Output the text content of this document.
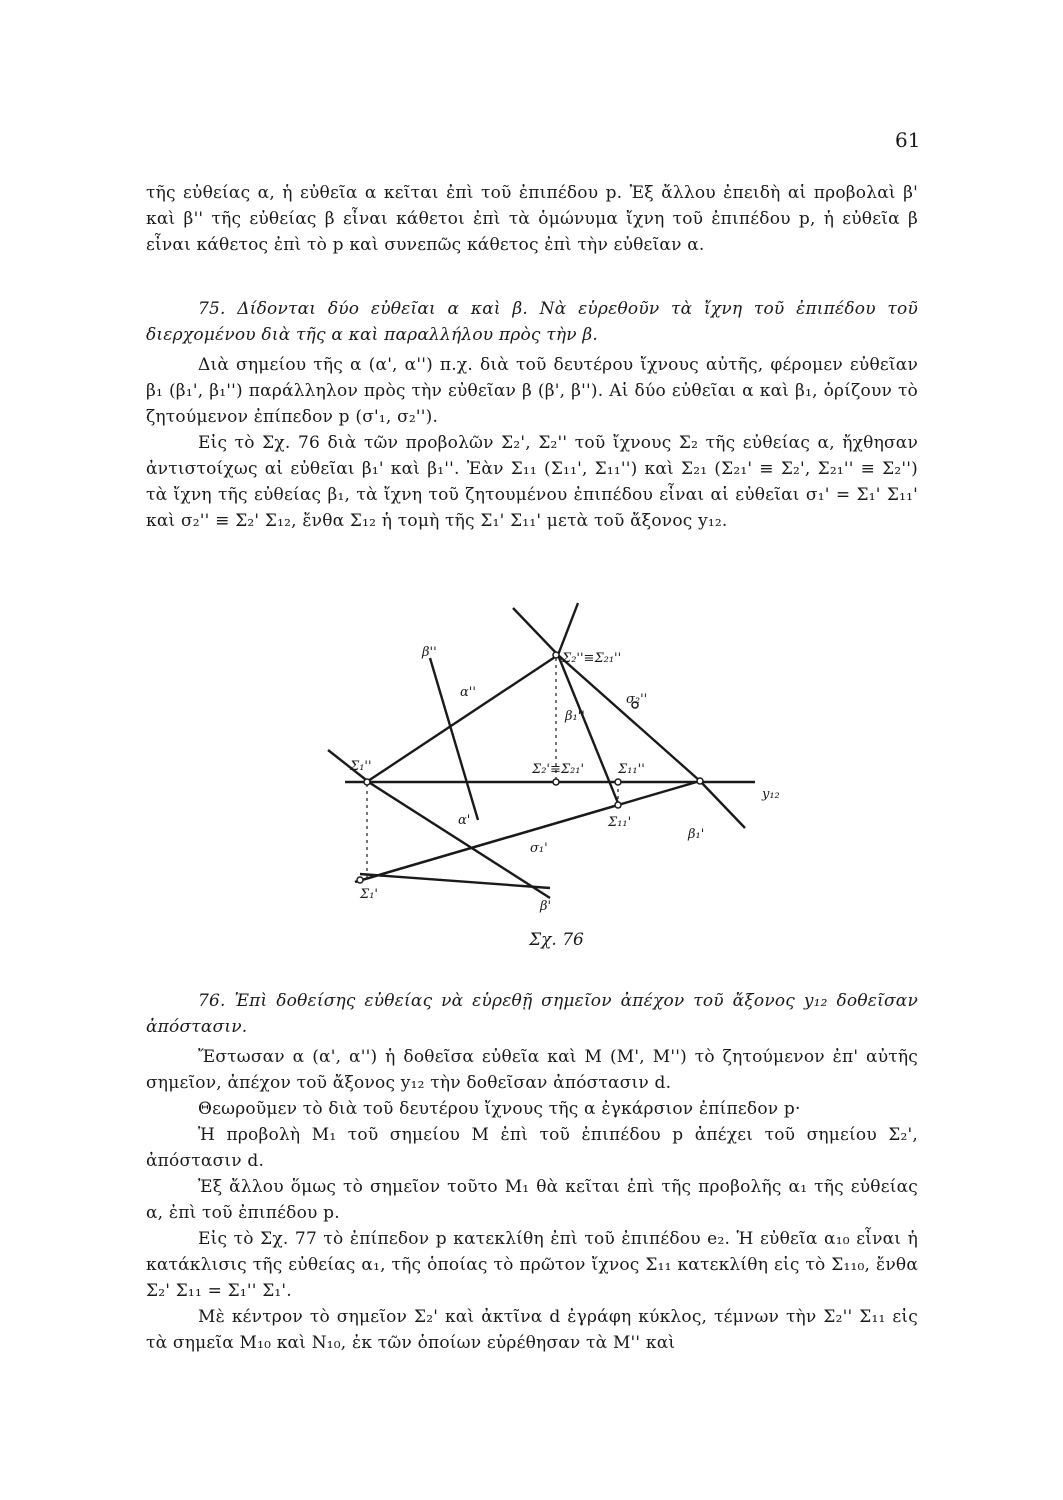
61

τῆς εὐθείας α, ἡ εὐθεῖα α κεῖται ἐπὶ τοῦ ἐπιπέδου p. Ἐξ ἄλλου ἐπειδὴ αἱ προβολαὶ β' καὶ β'' τῆς εὐθείας β εἶναι κάθετοι ἐπὶ τὰ ὁμώνυμα ἴχνη τοῦ ἐπιπέδου p, ἡ εὐθεῖα β εἶναι κάθετος ἐπὶ τὸ p καὶ συνεπῶς κάθετος ἐπὶ τὴν εὐθεῖαν α.

75. Δίδονται δύο εὐθεῖαι α καὶ β. Νὰ εὑρεθοῦν τὰ ἴχνη τοῦ ἐπιπέδου τοῦ διερχομένου διὰ τῆς α καὶ παραλλήλου πρὸς τὴν β.

Διὰ σημείου τῆς α (α', α'') π.χ. διὰ τοῦ δευτέρου ἴχνους αὐτῆς, φέρομεν εὐθεῖαν β₁ (β₁', β₁'') παράλληλον πρὸς τὴν εὐθεῖαν β (β', β''). Αἱ δύο εὐθεῖαι α καὶ β₁, ὁρίζουν τὸ ζητούμενον ἐπίπεδον p (σ'₁, σ₂'').

Εἰς τὸ Σχ. 76 διὰ τῶν προβολῶν Σ₂', Σ₂'' τοῦ ἴχνους Σ₂ τῆς εὐθείας α, ἤχθησαν ἀντιστοίχως αἱ εὐθεῖαι β₁' καὶ β₁''. Ἐὰν Σ₁₁ (Σ₁₁', Σ₁₁'') καὶ Σ₂₁ (Σ₂₁' ≡ Σ₂', Σ₂₁'' ≡ Σ₂'') τὰ ἴχνη τῆς εὐθείας β₁, τὰ ἴχνη τοῦ ζητουμένου ἐπιπέδου εἶναι αἱ εὐθεῖαι σ₁' = Σ₁' Σ₁₁' καὶ σ₂'' ≡ Σ₂' Σ₁₂, ἔνθα Σ₁₂ ἡ τομὴ τῆς Σ₁' Σ₁₁' μετὰ τοῦ ἄξονος y₁₂.

β''
α''
Σ₂''≡Σ₂₁''
σ₂''
β₁''
Σ₁''	Σ₂'≡Σ₂₁'	Σ₁₁''
y₁₂
α'	Σ₁₁'
σ₁'
β₁'
Σ₁'
β'
Σχ. 76

76. Ἐπὶ δοθείσης εὐθείας νὰ εὑρεθῇ σημεῖον ἀπέχον τοῦ ἄξονος y₁₂ δοθεῖσαν ἀπόστασιν.

Ἔστωσαν α (α', α'') ἡ δοθεῖσα εὐθεῖα καὶ M (M', M'') τὸ ζητούμενον ἐπ' αὐτῆς σημεῖον, ἀπέχον τοῦ ἄξονος y₁₂ τὴν δοθεῖσαν ἀπόστασιν d.

Θεωροῦμεν τὸ διὰ τοῦ δευτέρου ἴχνους τῆς α ἐγκάρσιον ἐπίπεδον p·

Ἡ προβολὴ M₁ τοῦ σημείου M ἐπὶ τοῦ ἐπιπέδου p ἀπέχει τοῦ σημείου Σ₂', ἀπόστασιν d.

Ἐξ ἄλλου ὅμως τὸ σημεῖον τοῦτο M₁ θὰ κεῖται ἐπὶ τῆς προβολῆς α₁ τῆς εὐθείας α, ἐπὶ τοῦ ἐπιπέδου p.

Εἰς τὸ Σχ. 77 τὸ ἐπίπεδον p κατεκλίθη ἐπὶ τοῦ ἐπιπέδου e₂. Ἡ εὐθεῖα α₁₀ εἶναι ἡ κατάκλισις τῆς εὐθείας α₁, τῆς ὁποίας τὸ πρῶτον ἴχνος Σ₁₁ κατεκλίθη εἰς τὸ Σ₁₁₀, ἔνθα Σ₂' Σ₁₁ = Σ₁'' Σ₁'.

Μὲ κέντρον τὸ σημεῖον Σ₂' καὶ ἀκτῖνα d ἐγράφη κύκλος, τέμνων τὴν Σ₂'' Σ₁₁ εἰς τὰ σημεῖα M₁₀ καὶ N₁₀, ἐκ τῶν ὁποίων εὑρέθησαν τὰ M'' καὶ
